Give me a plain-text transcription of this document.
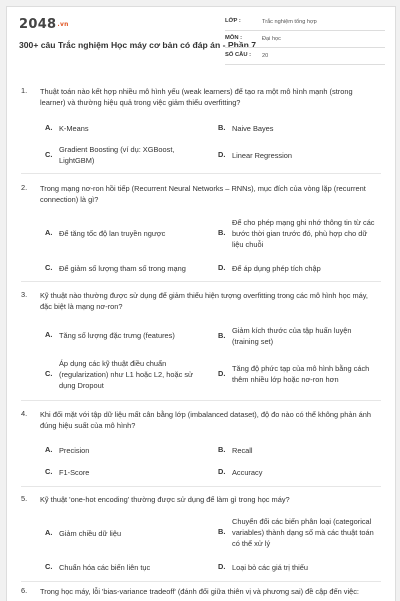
2048.vn
300+ câu Trắc nghiệm Học máy cơ bản có đáp án - Phần 7
LỚP :	Trắc nghiệm tổng hợp
MÔN :	Đại học
SỐ CÂU : 20
1. Thuật toán nào kết hợp nhiều mô hình yếu (weak learners) để tạo ra một mô hình mạnh (strong learner) và thường hiệu quả trong việc giảm thiểu overfitting?
A. K-Means	B. Naive Bayes
C.
Gradient Boosting (ví dụ: XGBoost, LightGBM)
D. Linear Regression
2. Trong mạng nơ-ron hồi tiếp (Recurrent Neural Networks – RNNs), mục đích của vòng lặp (recurrent connection) là gì?
A. Để tăng tốc độ lan truyền ngược	B.
Để cho phép mạng ghi nhớ thông tin từ các bước thời gian trước đó, phù hợp cho dữ liệu chuỗi
C. Để giảm số lượng tham số trong mạng	D. Để áp dụng phép tích chập
3. Kỹ thuật nào thường được sử dụng để giảm thiểu hiện tượng overfitting trong các mô hình học máy, đặc biệt là mạng nơ-ron?
A. Tăng số lượng đặc trưng (features)	B.
Giảm kích thước của tập huấn luyện (training set)
C.
Áp dụng các kỹ thuật điều chuẩn (regularization) như L1 hoặc L2, hoặc sử dụng Dropout
D.
Tăng độ phức tạp của mô hình bằng cách thêm nhiều lớp hoặc nơ-ron hơn
4. Khi đối mặt với tập dữ liệu mất cân bằng lớp (imbalanced dataset), độ đo nào có thể không phản ánh đúng hiệu suất của mô hình?
A. Precision	B. Recall
C. F1-Score	D. Accuracy
5. Kỹ thuật 'one-hot encoding' thường được sử dụng để làm gì trong học máy?
A. Giảm chiều dữ liệu	B.
Chuyển đổi các biến phân loại (categorical variables) thành dạng số mà các thuật toán có thể xử lý
C. Chuẩn hóa các biến liên tục	D. Loại bỏ các giá trị thiếu
6. Trong học máy, lỗi 'bias-variance tradeoff' (đánh đổi giữa thiên vị và phương sai) đề cập đến việc:
